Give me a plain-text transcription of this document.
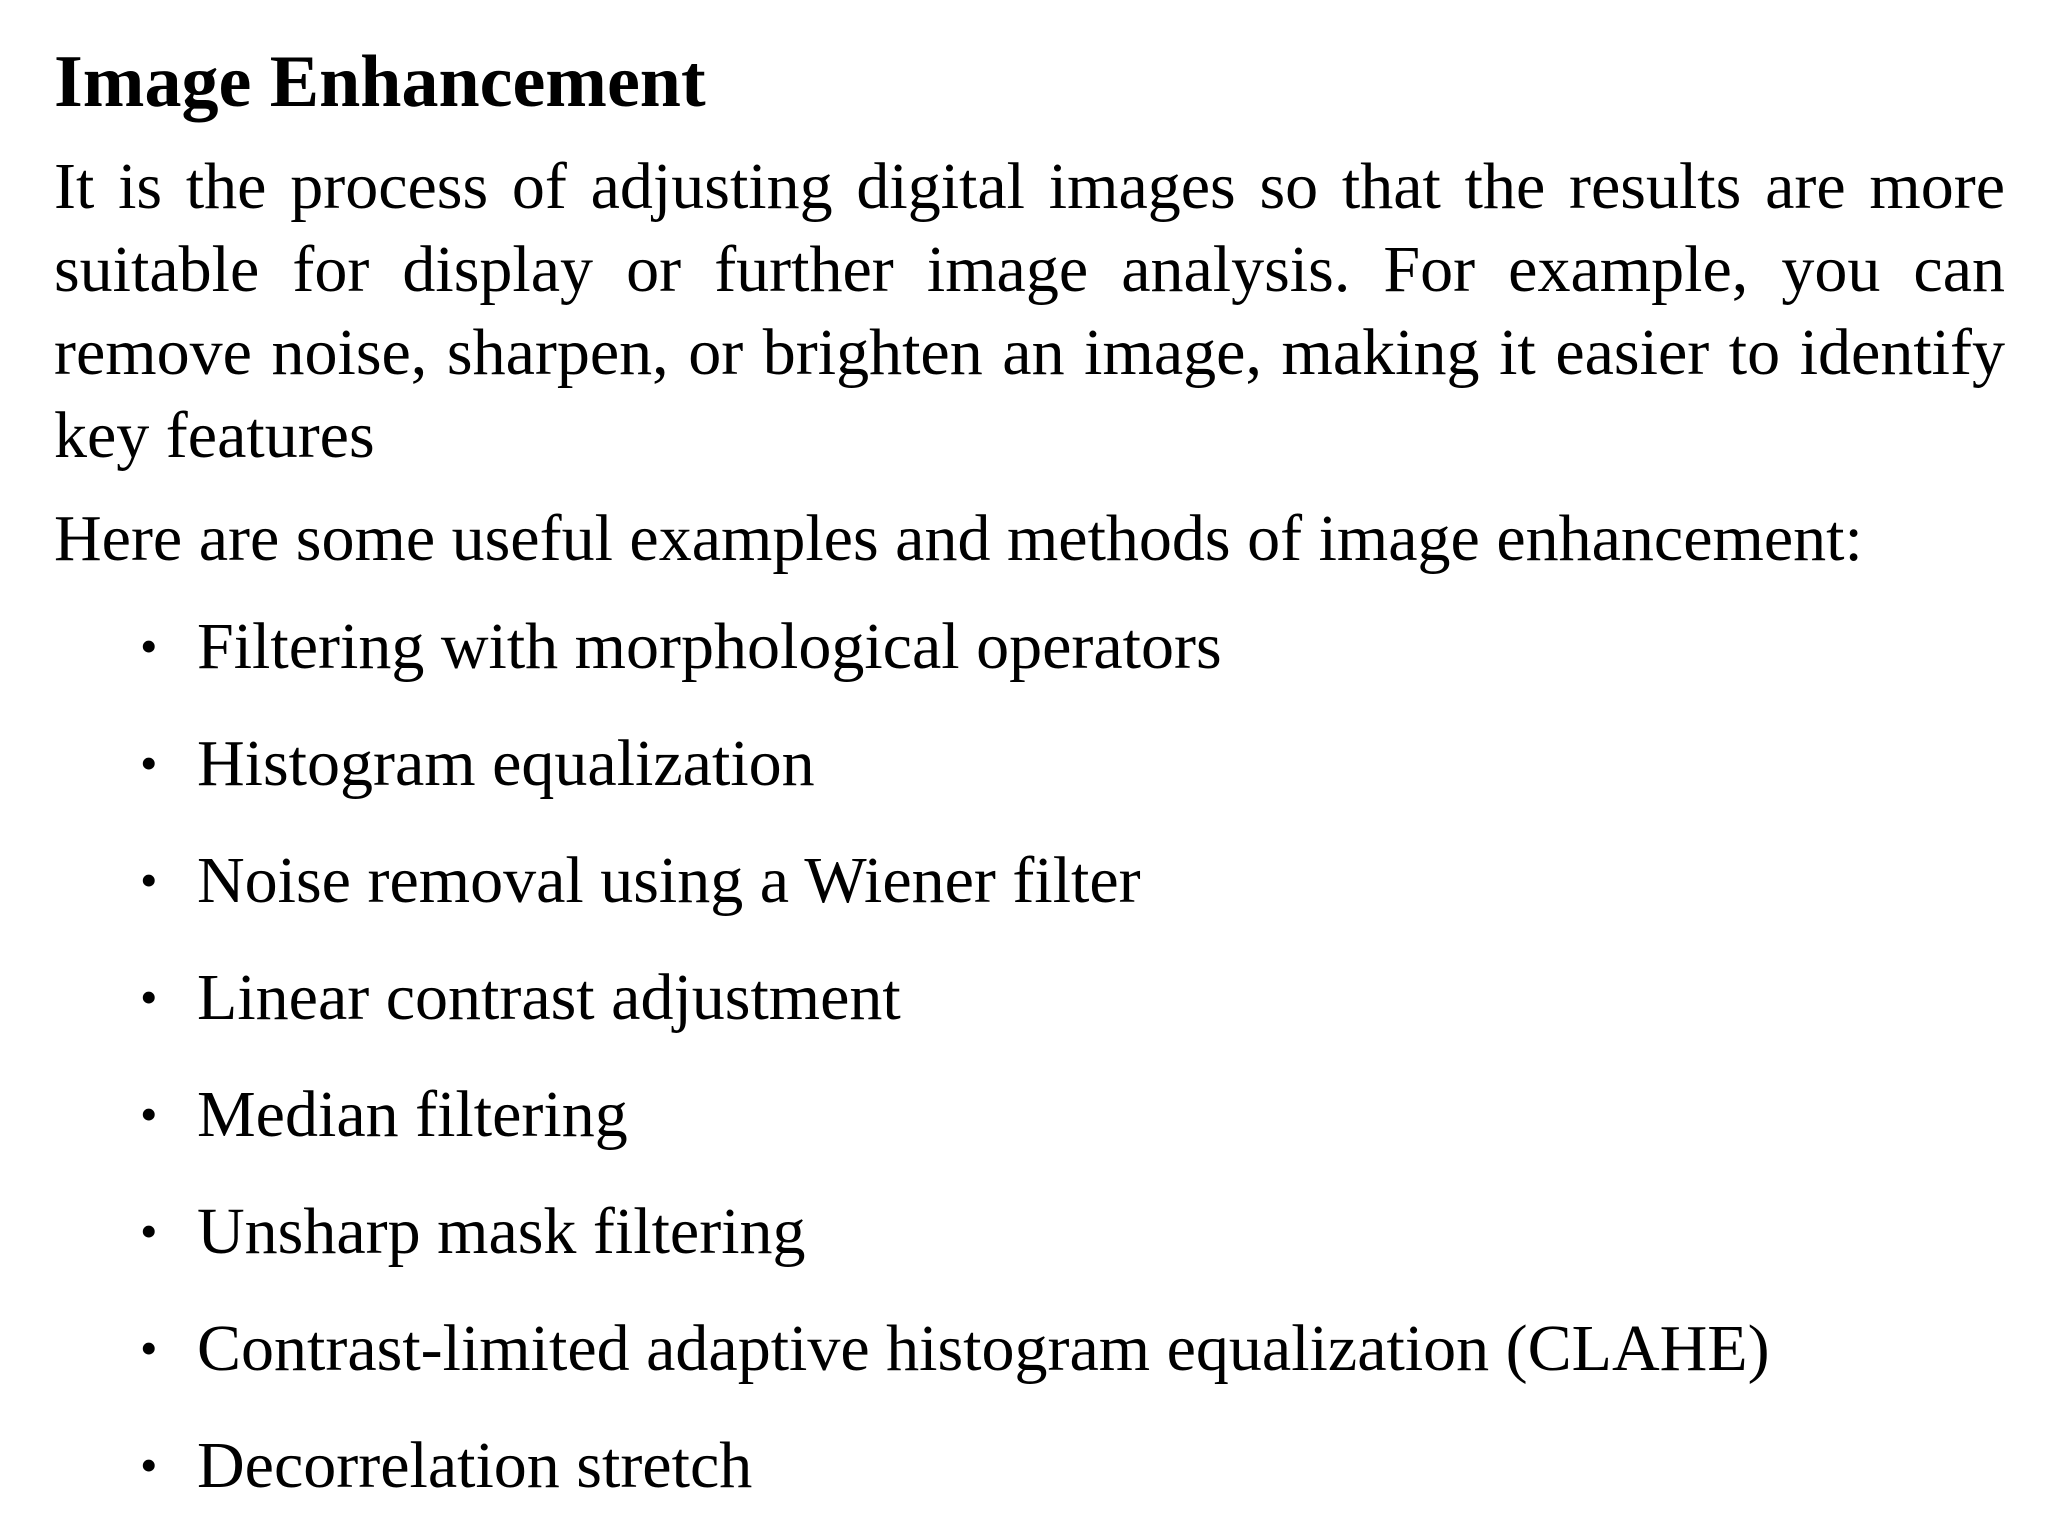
Image Enhancement

It is the process of adjusting digital images so that the results are more suitable for display or further image analysis. For example, you can remove noise, sharpen, or brighten an image, making it easier to identify key features

Here are some useful examples and methods of image enhancement:

• Filtering with morphological operators
• Histogram equalization
• Noise removal using a Wiener filter
• Linear contrast adjustment
• Median filtering
• Unsharp mask filtering
• Contrast-limited adaptive histogram equalization (CLAHE)
• Decorrelation stretch
